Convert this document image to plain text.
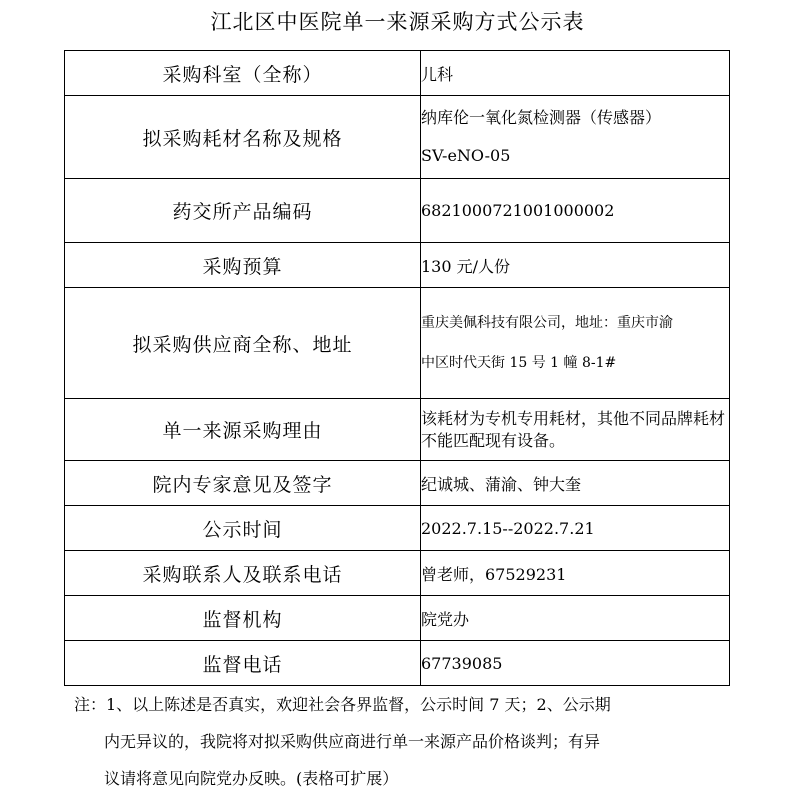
江北区中医院单一来源采购方式公示表
采购科室（全称）	儿科
拟采购耗材名称及规格	纳库伦一氧化氮检测器（传感器）
SV-eNO-05

药交所产品编码	6821000721001000002
采购预算	130 元/人份
拟采购供应商全称、地址	重庆美佩科技有限公司，地址：重庆市渝
中区时代天街 15 号 1 幢 8-1#

单一来源采购理由	该耗材为专机专用耗材，其他不同品牌耗材不能匹配现有设备。
院内专家意见及签字	纪诚城、蒲渝、钟大奎
公示时间	2022.7.15--2022.7.21
采购联系人及联系电话	曾老师，67529231
监督机构	院党办
监督电话	67739085
注：1、以上陈述是否真实，欢迎社会各界监督，公示时间 7 天；2、公示期
内无异议的，我院将对拟采购供应商进行单一来源产品价格谈判；有异
议请将意见向院党办反映。(表格可扩展）
